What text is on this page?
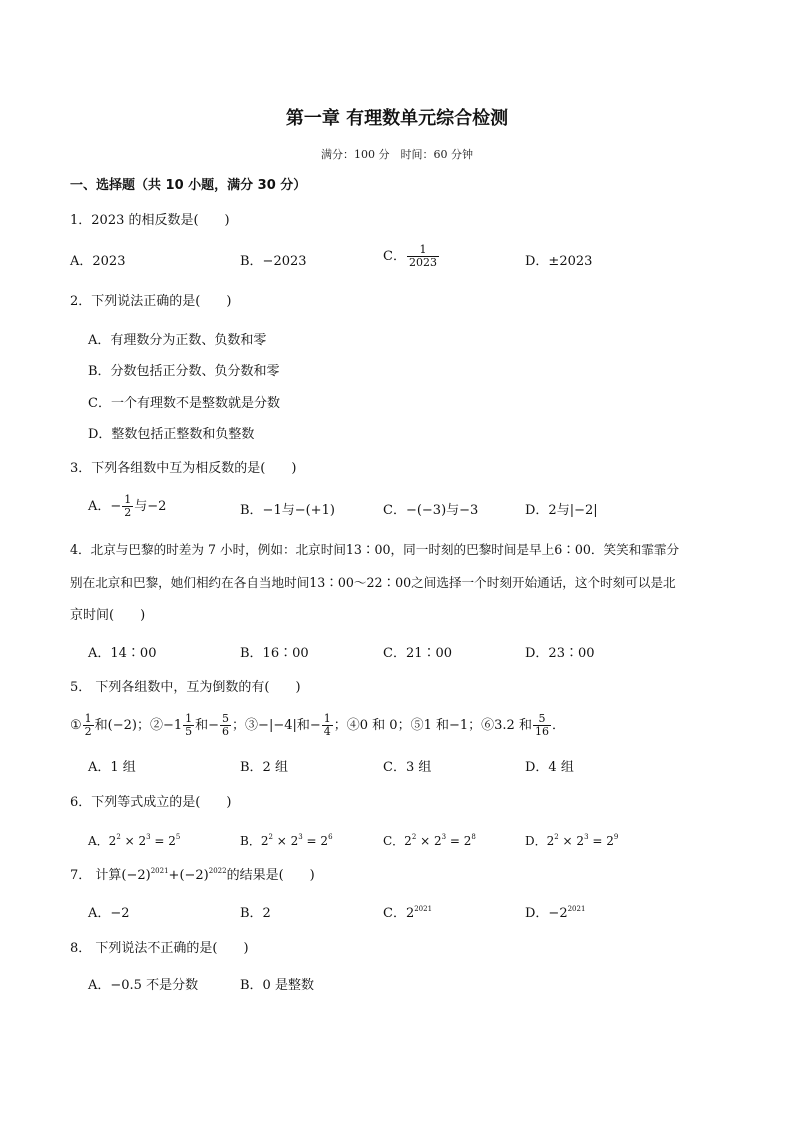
第一章 有理数单元综合检测
满分：100 分　时间：60 分钟
一、选择题（共 10 小题，满分 30 分）
1．2023 的相反数是(　　)
A．2023	B．−2023	C． $\frac{1}{2023}$	D．±2023
2．下列说法正确的是(　　)
A．有理数分为正数、负数和零
B．分数包括正分数、负分数和零
C．一个有理数不是整数就是分数
D．整数包括正整数和负整数
3．下列各组数中互为相反数的是(　　)
A．− $\frac{1}{2}$ 与−2	B．−1与−(+1)	C．−(−3)与−3	D．2与|−2|
4．北京与巴黎的时差为 7 小时，例如：北京时间13∶00，同一时刻的巴黎时间是早上6∶00．笑笑和霏霏分
别在北京和巴黎，她们相约在各自当地时间13∶00～22∶00之间选择一个时刻开始通话，这个时刻可以是北
京时间(　　)
A．14∶00	B．16∶00	C．21∶00	D．23∶00
5． 下列各组数中，互为倒数的有(　　)
① $\frac{1}{2}$ 和(−2)；②−1 $\frac{1}{5}$ 和− $\frac{5}{6}$ ；③−|−4|和− $\frac{1}{4}$ ；④0 和 0；⑤1 和−1；⑥3.2 和 $\frac{5}{16}$ ．
A．1 组	B．2 组	C．3 组	D．4 组
6．下列等式成立的是(　　)
A．$2^2 \times 2^3 = 2^5$	B．$2^2 \times 2^3 = 2^6$	C．$2^2 \times 2^3 = 2^8$	D．$2^2 \times 2^3 = 2^9$
7． 计算$(-2)^{2021}+(-2)^{2022}$的结果是(　　)
A．−2	B．2	C．$2^{2021}$	D．$-2^{2021}$
8． 下列说法不正确的是(　　)
A．−0.5 不是分数	B．0 是整数
